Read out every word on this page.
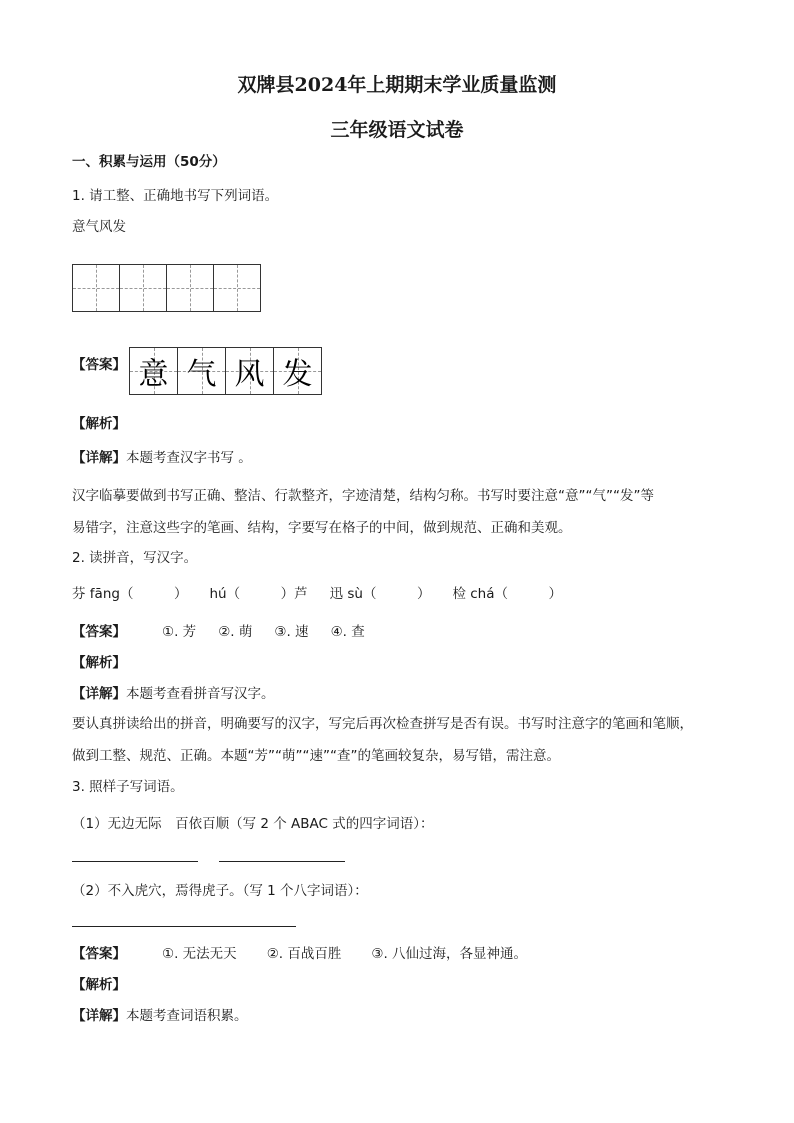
双牌县2024年上期期末学业质量监测
三年级语文试卷
一、积累与运用（50分）
1. 请工整、正确地书写下列词语。
意气风发
【答案】 意 气 风 发
【解析】
【详解】本题考查汉字书写 。
汉字临摹要做到书写正确、整洁、行款整齐，字迹清楚，结构匀称。书写时要注意“意”“气”“发”等
易错字，注意这些字的笔画、结构，字要写在格子的中间，做到规范、正确和美观。
2. 读拼音，写汉字。
芬 fāng（　　　） hú（　　　）芦 迅 sù（　　　） 检 chá（　　　）
【答案】	①. 芳 ②. 萌 ③. 速 ④. 查
【解析】
【详解】本题考查看拼音写汉字。
要认真拼读给出的拼音，明确要写的汉字，写完后再次检查拼写是否有误。书写时注意字的笔画和笔顺，
做到工整、规范、正确。本题“芳”“萌”“速”“查”的笔画较复杂，易写错，需注意。
3. 照样子写词语。
（1）无边无际　百依百顺（写 2 个 ABAC 式的四字词语）：
（2）不入虎穴，焉得虎子。（写 1 个八字词语）：
【答案】	①. 无法无天 ②. 百战百胜 ③. 八仙过海，各显神通。
【解析】
【详解】本题考查词语积累。
